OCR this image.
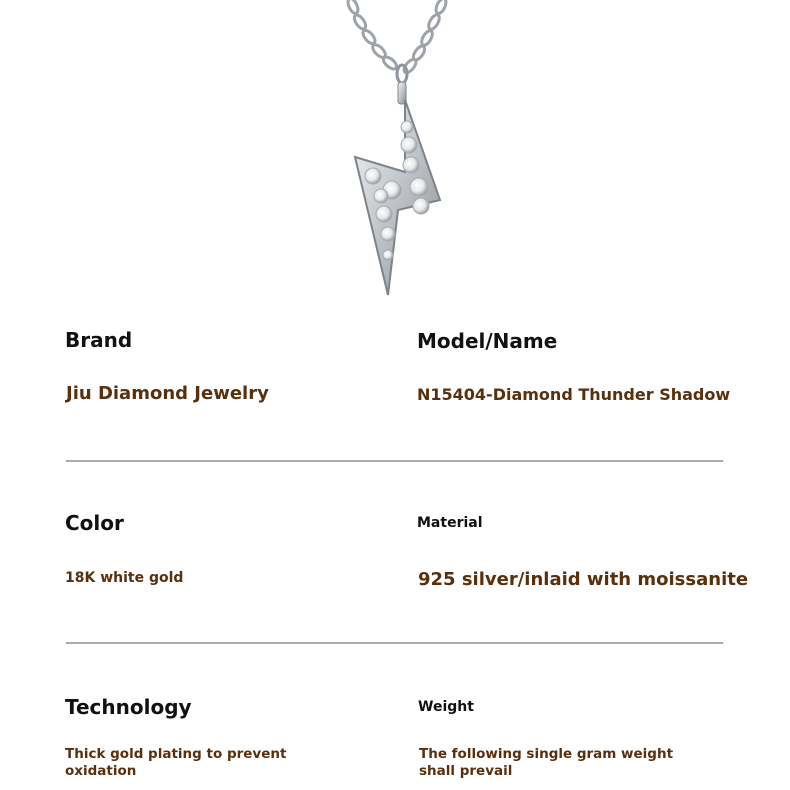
Brand
Jiu Diamond Jewelry
Model/Name
N15404-Diamond Thunder Shadow
Color
18K white gold
Material
925 silver/inlaid with moissanite
Technology
Thick gold plating to prevent oxidation
Weight
The following single gram weight shall prevail
